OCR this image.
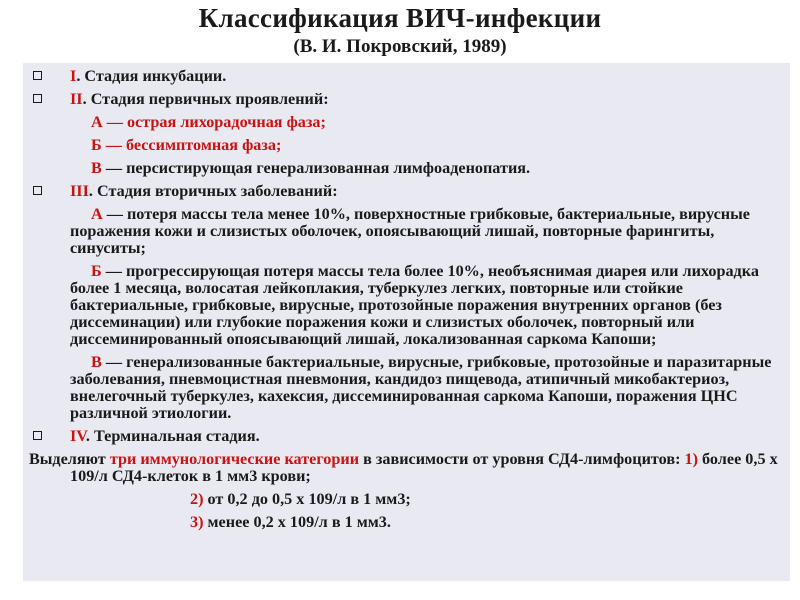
Классификация ВИЧ-инфекции
(В. И. Покровский, 1989)
I. Стадия инкубации.
II. Стадия первичных проявлений:
А — острая лихорадочная фаза;
Б — бессимптомная фаза;
В — персистирующая генерализованная лимфоаденопатия.
III. Стадия вторичных заболеваний:
А — потеря массы тела менее 10%, поверхностные грибковые, бактериальные, вирусные поражения кожи и слизистых оболочек, опоясывающий лишай, повторные фарингиты, синуситы;
Б — прогрессирующая потеря массы тела более 10%, необъяснимая диарея или лихорадка более 1 месяца, волосатая лейкоплакия, туберкулез легких, повторные или стойкие бактериальные, грибковые, вирусные, протозойные поражения внутренних органов (без диссеминации) или глубокие поражения кожи и слизистых оболочек, повторный или диссеминированный опоясывающий лишай, локализованная саркома Капоши;
В — генерализованные бактериальные, вирусные, грибковые, протозойные и паразитарные заболевания, пневмоцистная пневмония, кандидоз пищевода, атипичный микобактериоз, внелегочный туберкулез, кахексия, диссеминированная саркома Капоши, поражения ЦНС различной этиологии.
IV. Терминальная стадия.
Выделяют три иммунологические категории в зависимости от уровня СД4-лимфоцитов: 1) более 0,5 х 109/л СД4-клеток в 1 мм3 крови;
2) от 0,2 до 0,5 х 109/л в 1 мм3;
3) менее 0,2 х 109/л в 1 мм3.
